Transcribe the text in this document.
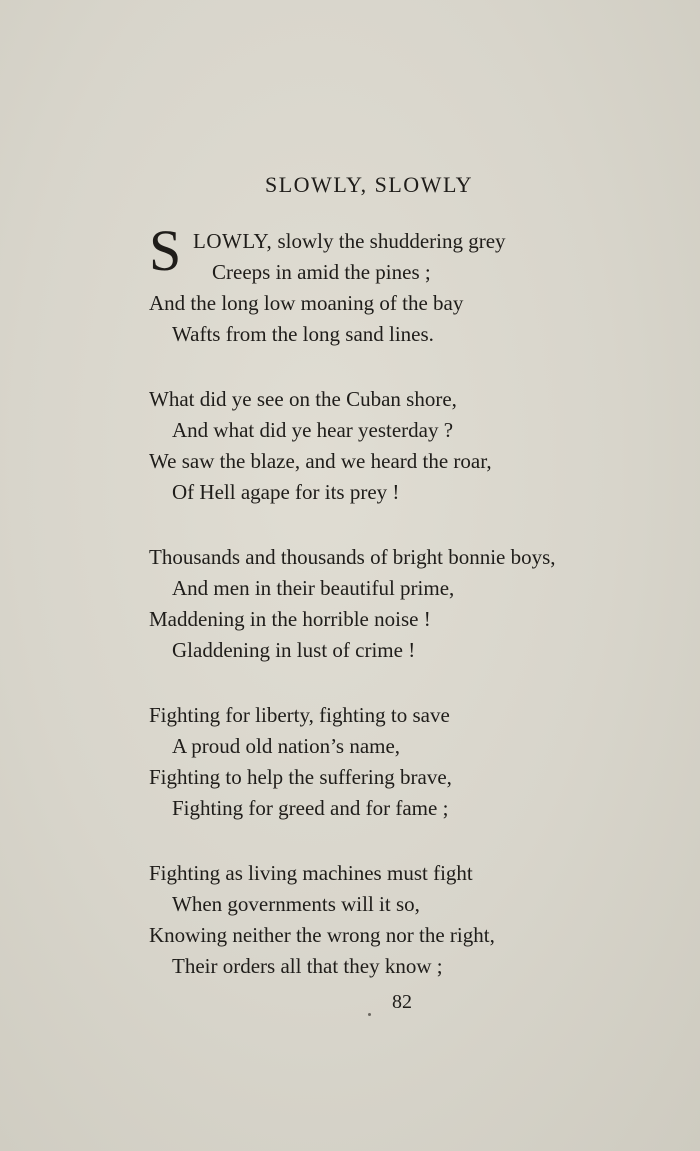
SLOWLY, SLOWLY
S LOWLY, slowly the shuddering grey
Creeps in amid the pines ;
And the long low moaning of the bay
Wafts from the long sand lines.
What did ye see on the Cuban shore,
And what did ye hear yesterday ?
We saw the blaze, and we heard the roar,
Of Hell agape for its prey !
Thousands and thousands of bright bonnie boys,
And men in their beautiful prime,
Maddening in the horrible noise !
Gladdening in lust of crime !
Fighting for liberty, fighting to save
A proud old nation’s name,
Fighting to help the suffering brave,
Fighting for greed and for fame ;
Fighting as living machines must fight
When governments will it so,
Knowing neither the wrong nor the right,
Their orders all that they know ;
82
